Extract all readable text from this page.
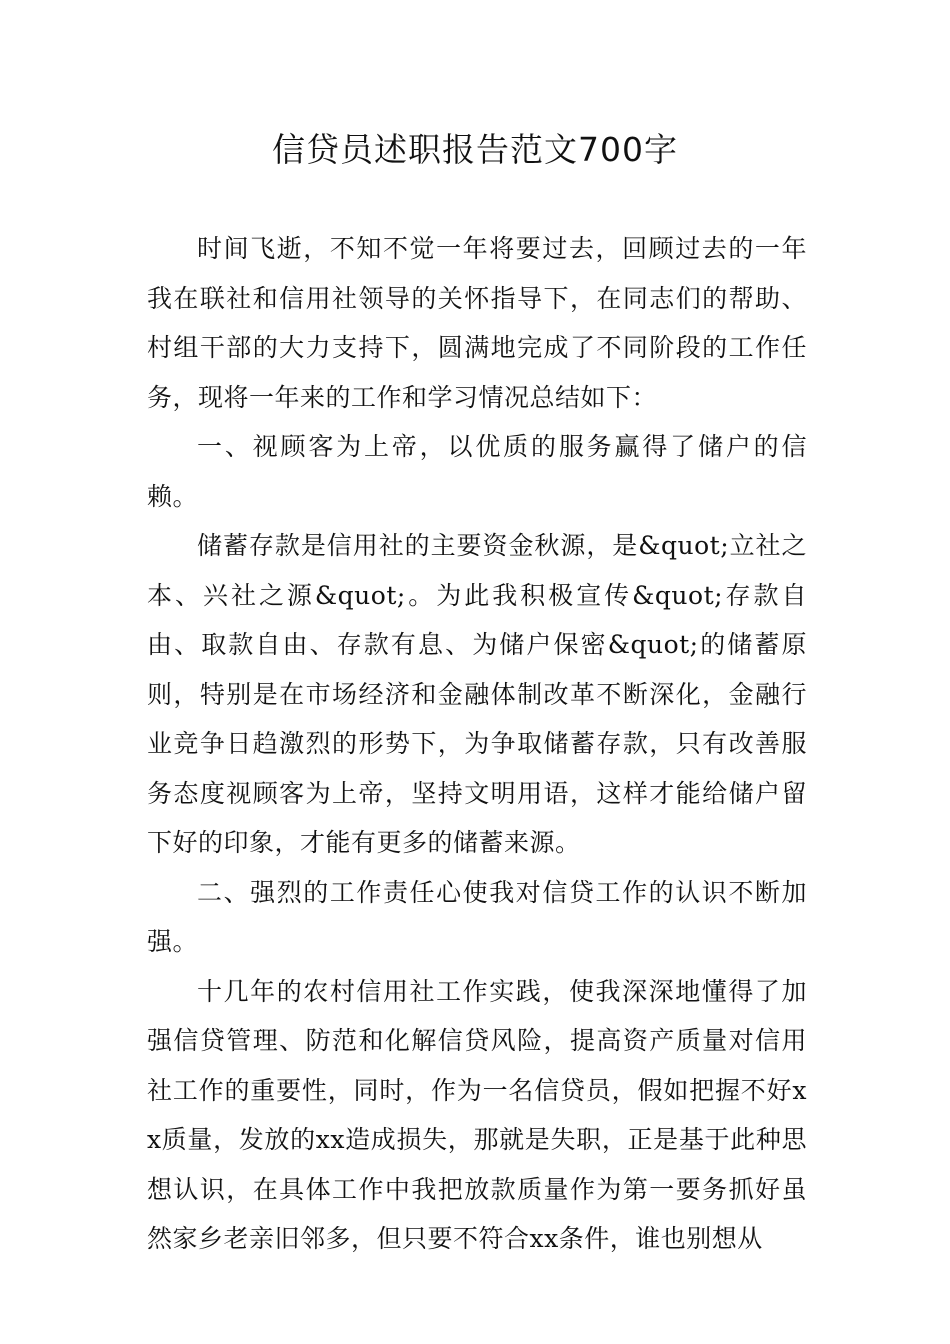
信贷员述职报告范文700字

时间飞逝，不知不觉一年将要过去，回顾过去的一年我在联社和信用社领导的关怀指导下，在同志们的帮助、村组干部的大力支持下，圆满地完成了不同阶段的工作任务，现将一年来的工作和学习情况总结如下：

一、视顾客为上帝，以优质的服务赢得了储户的信赖。

储蓄存款是信用社的主要资金秋源，是&quot;立社之本、兴社之源&quot;。为此我积极宣传&quot;存款自由、取款自由、存款有息、为储户保密&quot;的储蓄原则，特别是在市场经济和金融体制改革不断深化，金融行业竞争日趋激烈的形势下，为争取储蓄存款，只有改善服务态度视顾客为上帝，坚持文明用语，这样才能给储户留下好的印象，才能有更多的储蓄来源。

二、强烈的工作责任心使我对信贷工作的认识不断加强。

十几年的农村信用社工作实践，使我深深地懂得了加强信贷管理、防范和化解信贷风险，提高资产质量对信用社工作的重要性，同时，作为一名信贷员，假如把握不好xx质量，发放的xx造成损失，那就是失职，正是基于此种思想认识，在具体工作中我把放款质量作为第一要务抓好虽然家乡老亲旧邻多，但只要不符合xx条件，谁也别想从
